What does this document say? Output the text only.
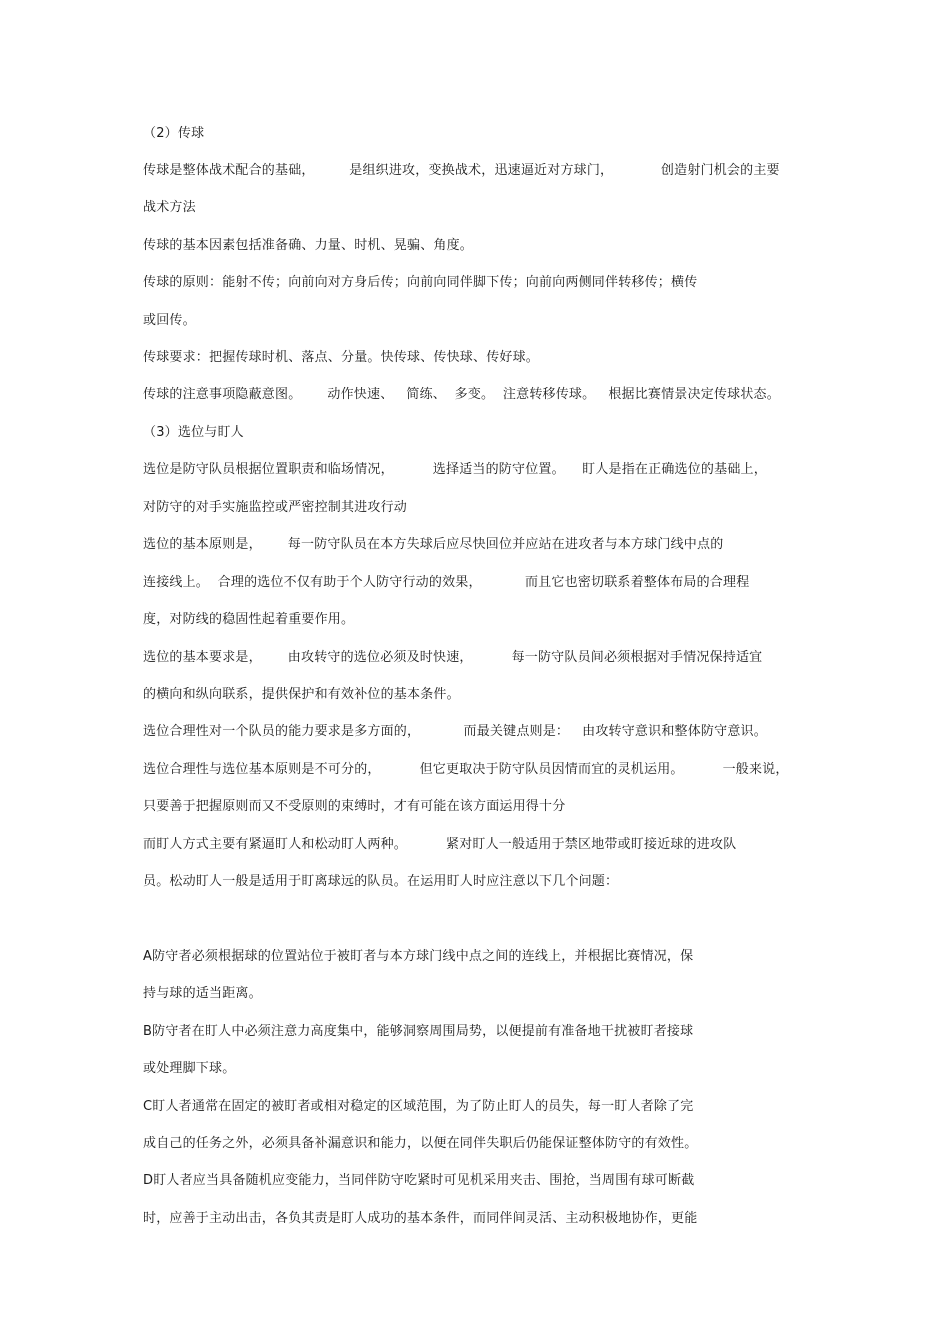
（2）传球
传球是整体战术配合的基础，        是组织进攻，变换战术，迅速逼近对方球门，           创造射门机会的主要
战术方法
传球的基本因素包括准备确、力量、时机、晃骗、角度。
传球的原则：能射不传；向前向对方身后传；向前向同伴脚下传；向前向两侧同伴转移传；横传
或回传。
传球要求：把握传球时机、落点、分量。快传球、传快球、传好球。
传球的注意事项隐蔽意图。      动作快速、   简练、  多变。  注意转移传球。   根据比赛情景决定传球状态。
（3）选位与盯人
选位是防守队员根据位置职责和临场情况，         选择适当的防守位置。    盯人是指在正确选位的基础上，
对防守的对手实施监控或严密控制其进攻行动
选位的基本原则是，      每一防守队员在本方失球后应尽快回位并应站在进攻者与本方球门线中点的
连接线上。  合理的选位不仅有助于个人防守行动的效果，          而且它也密切联系着整体布局的合理程
度，对防线的稳固性起着重要作用。
选位的基本要求是，      由攻转守的选位必须及时快速，         每一防守队员间必须根据对手情况保持适宜
的横向和纵向联系，提供保护和有效补位的基本条件。
选位合理性对一个队员的能力要求是多方面的，          而最关键点则是：   由攻转守意识和整体防守意识。
选位合理性与选位基本原则是不可分的，         但它更取决于防守队员因情而宜的灵机运用。         一般来说，
只要善于把握原则而又不受原则的束缚时，才有可能在该方面运用得十分
而盯人方式主要有紧逼盯人和松动盯人两种。         紧对盯人一般适用于禁区地带或盯接近球的进攻队
员。松动盯人一般是适用于盯离球远的队员。在运用盯人时应注意以下几个问题：
A防守者必须根据球的位置站位于被盯者与本方球门线中点之间的连线上，并根据比赛情况，保
持与球的适当距离。
B防守者在盯人中必须注意力高度集中，能够洞察周围局势，以便提前有准备地干扰被盯者接球
或处理脚下球。
C盯人者通常在固定的被盯者或相对稳定的区域范围，为了防止盯人的员失，每一盯人者除了完
成自己的任务之外，必须具备补漏意识和能力，以便在同伴失职后仍能保证整体防守的有效性。
D盯人者应当具备随机应变能力，当同伴防守吃紧时可见机采用夹击、围抢，当周围有球可断截
时，应善于主动出击，各负其责是盯人成功的基本条件，而同伴间灵活、主动积极地协作，更能
